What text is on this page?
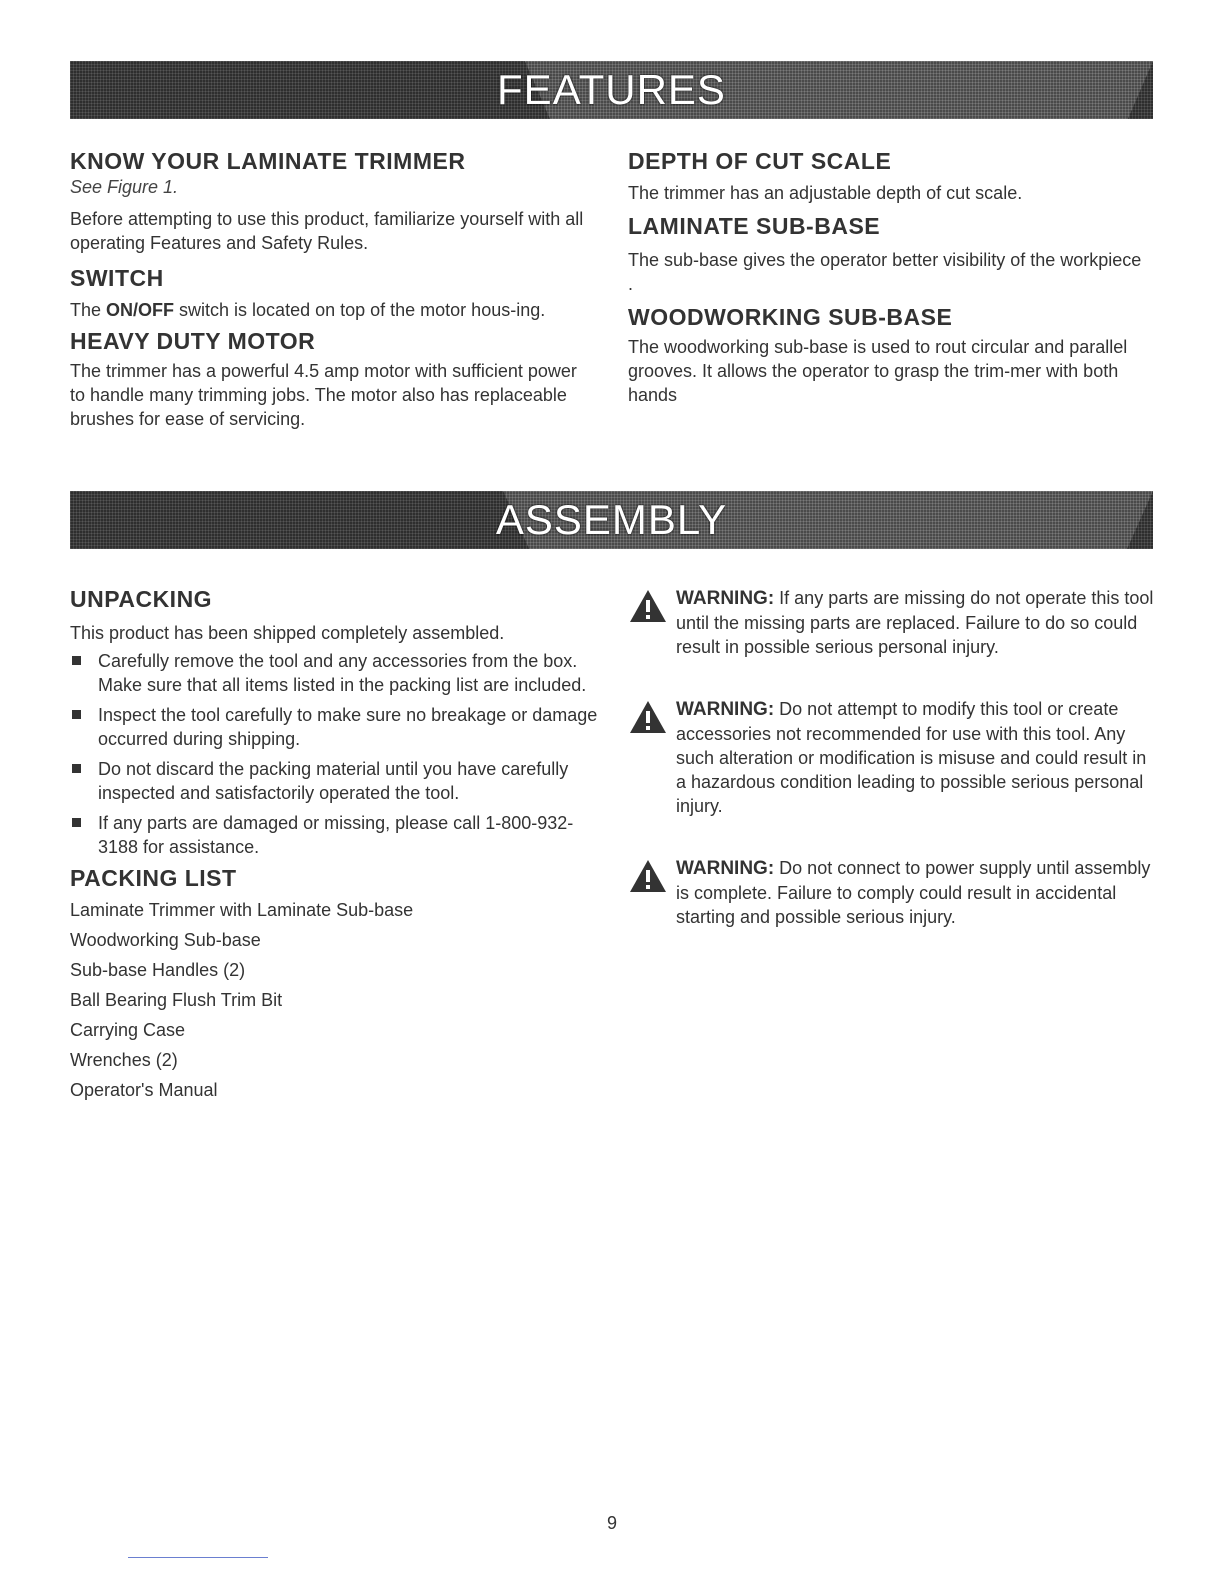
FEATURES
KNOW YOUR LAMINATE TRIMMER

See Figure 1.

Before attempting to use this product, familiarize yourself with all operating Features and Safety Rules.

SWITCH

The ON/OFF switch is located on top of the motor hous-ing.

HEAVY DUTY MOTOR

The trimmer has a powerful 4.5 amp motor with sufficient power to handle many trimming jobs. The motor also has replaceable brushes for ease of servicing.

DEPTH OF CUT SCALE

The trimmer has an adjustable depth of cut scale.

LAMINATE SUB-BASE

The sub-base gives the operator better visibility of the workpiece .

WOODWORKING SUB-BASE

The woodworking sub-base is used to rout circular and parallel grooves. It allows the operator to grasp the trim-mer with both hands

ASSEMBLY
UNPACKING

This product has been shipped completely assembled.

Carefully remove the tool and any accessories from the box. Make sure that all items listed in the packing list are included.
Inspect the tool carefully to make sure no breakage or damage occurred during shipping.
Do not discard the packing material until you have carefully inspected and satisfactorily operated the tool.
If any parts are damaged or missing, please call 1-800-932-3188 for assistance.
PACKING LIST

Laminate Trimmer with Laminate Sub-base

Woodworking Sub-base

Sub-base Handles (2)

Ball Bearing Flush Trim Bit

Carrying Case

Wrenches (2)

Operator's Manual

WARNING: If any parts are missing do not operate this tool until the missing parts are replaced. Failure to do so could result in possible serious personal injury.

WARNING: Do not attempt to modify this tool or create accessories not recommended for use with this tool. Any such alteration or modification is misuse and could result in a hazardous condition leading to possible serious personal injury.

WARNING: Do not connect to power supply until assembly is complete. Failure to comply could result in accidental starting and possible serious injury.

9
